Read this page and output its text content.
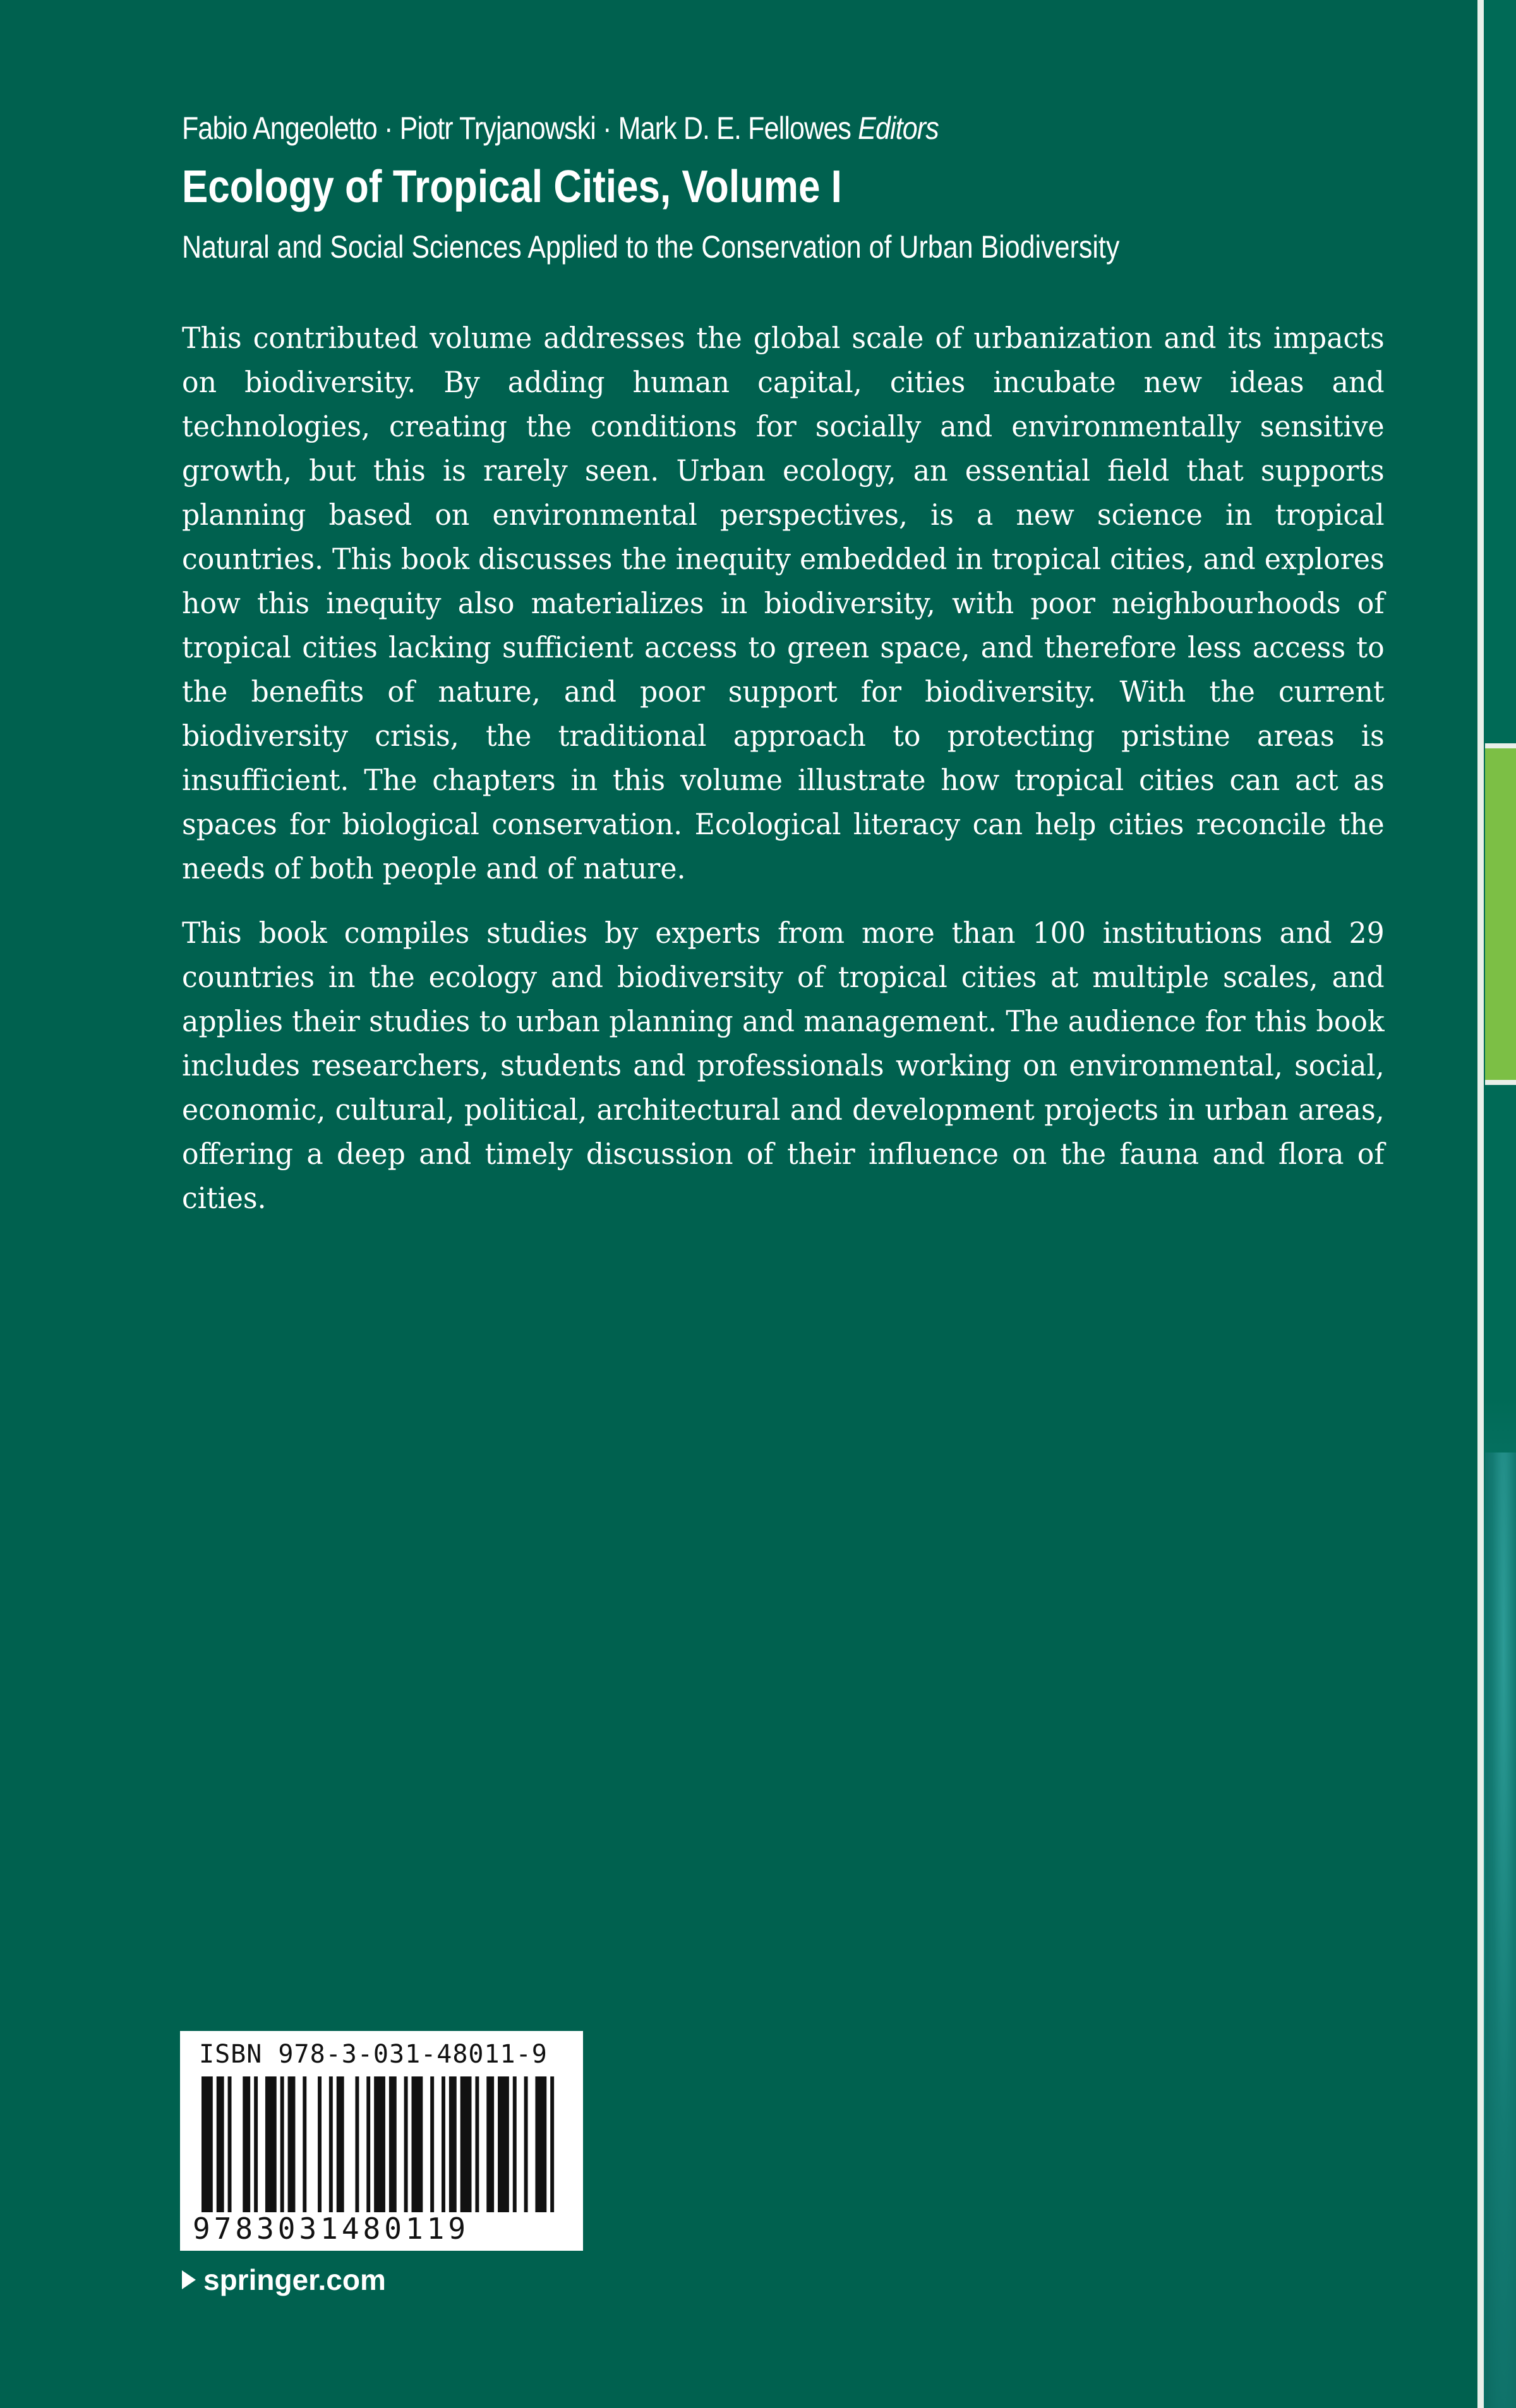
Fabio Angeoletto · Piotr Tryjanowski · Mark D. E. Fellowes Editors
Ecology of Tropical Cities, Volume I
Natural and Social Sciences Applied to the Conservation of Urban Biodiversity

This contributed volume addresses the global scale of urbanization and its impacts on biodiversity. By adding human capital, cities incubate new ideas and technologies, creating the conditions for socially and environmentally sensitive growth, but this is rarely seen. Urban ecology, an essential field that supports planning based on environmental perspectives, is a new science in tropical countries. This book discusses the inequity embedded in tropical cities, and explores how this inequity also materializes in biodiversity, with poor neighbourhoods of tropical cities lacking sufficient access to green space, and therefore less access to the benefits of nature, and poor support for biodiversity. With the current biodiversity crisis, the traditional approach to protecting pristine areas is insufficient. The chapters in this volume illustrate how tropical cities can act as spaces for biological conservation. Ecological literacy can help cities reconcile the needs of both people and of nature.

This book compiles studies by experts from more than 100 institutions and 29 countries in the ecology and biodiversity of tropical cities at multiple scales, and applies their studies to urban planning and management. The audience for this book includes researchers, students and professionals working on environmental, social, economic, cultural, political, architectural and development projects in urban areas, offering a deep and timely discussion of their influence on the fauna and flora of cities.

ISBN 978-3-031-48011-9
9783031480119
springer.com
